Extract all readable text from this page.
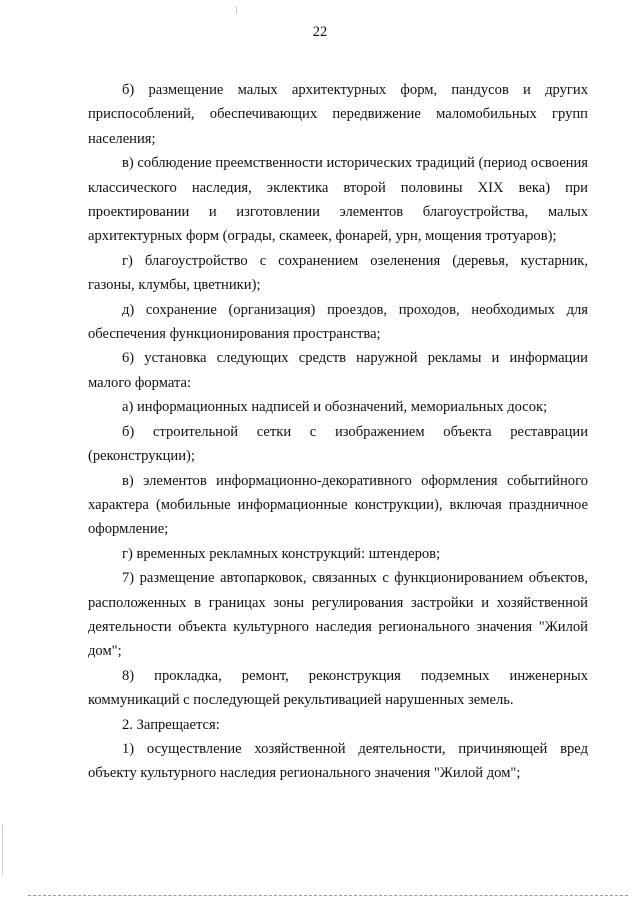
22

б) размещение малых архитектурных форм, пандусов и других приспособлений, обеспечивающих передвижение маломобильных групп населения;

в) соблюдение преемственности исторических традиций (период освоения классического наследия, эклектика второй половины XIX века) при проектировании и изготовлении элементов благоустройства, малых архитектурных форм (ограды, скамеек, фонарей, урн, мощения тротуаров);

г) благоустройство с сохранением озеленения (деревья, кустарник, газоны, клумбы, цветники);

д) сохранение (организация) проездов, проходов, необходимых для обеспечения функционирования пространства;

6) установка следующих средств наружной рекламы и информации малого формата:

а) информационных надписей и обозначений, мемориальных досок;

б) строительной сетки с изображением объекта реставрации (реконструкции);

в) элементов информационно-декоративного оформления событийного характера (мобильные информационные конструкции), включая праздничное оформление;

г) временных рекламных конструкций: штендеров;

7) размещение автопарковок, связанных с функционированием объектов, расположенных в границах зоны регулирования застройки и хозяйственной деятельности объекта культурного наследия регионального значения "Жилой дом";

8) прокладка, ремонт, реконструкция подземных инженерных коммуникаций с последующей рекультивацией нарушенных земель.

2. Запрещается:

1) осуществление хозяйственной деятельности, причиняющей вред объекту культурного наследия регионального значения "Жилой дом";
